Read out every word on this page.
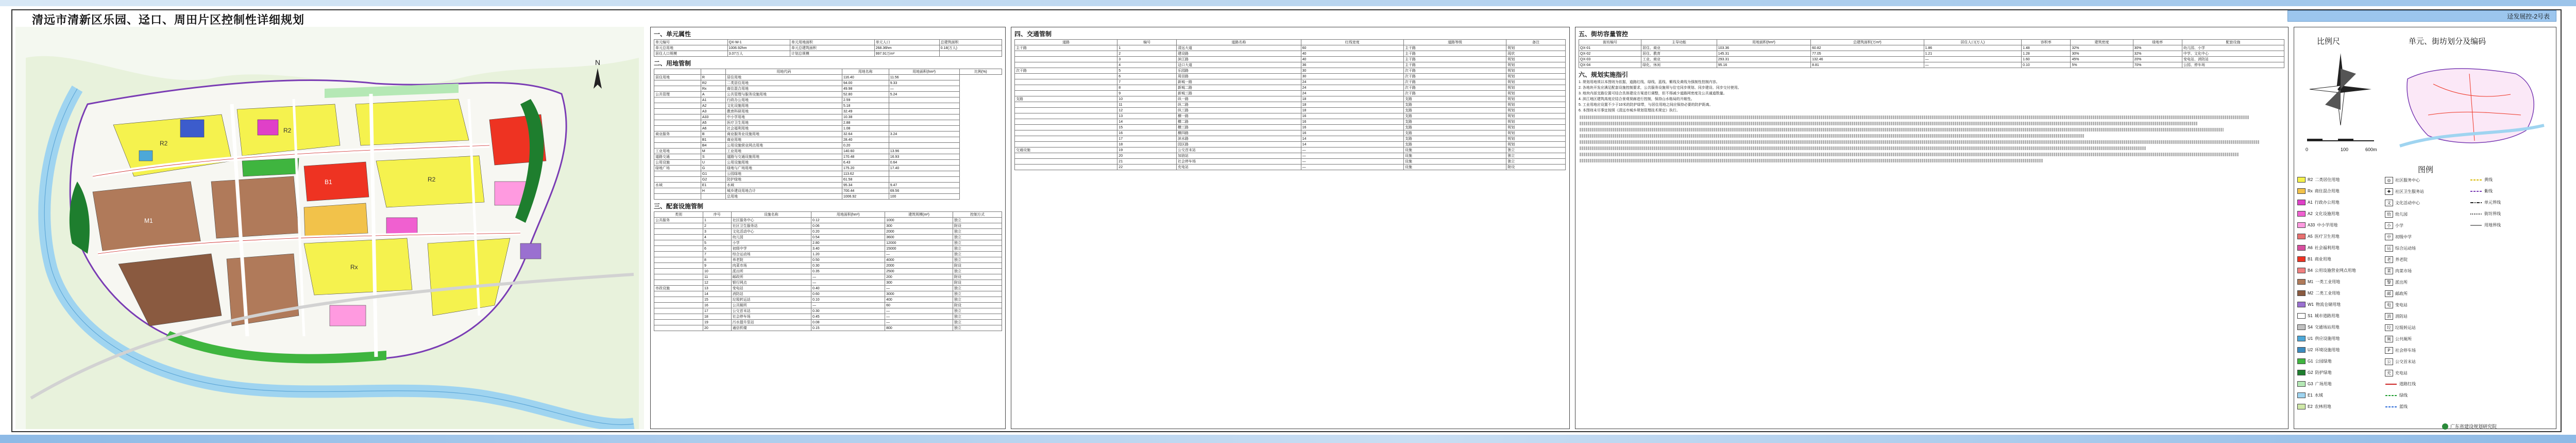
清远市清新区乐园、迳口、周田片区控制性详细规划	迳发展控-2号表
R2
R2
M1
B1	R2
Rx
N
一、单元属性
单元编号	QX-W-1	单元用地面积	单元人口	总建筑面积
单元总用地	1006.92hm	单元总建筑面积	268.36hm	0.18(万人)
居住人口规模	3.07万人	计划总规模	997.91万m²	
二、用地管制
		用地代码	用地名称	用地面积(hm²)	比例(%)
居住用地	R	居住用地	116.40	11.56	
	R2	二类居住用地	94.00	9.33	
	Rx	商住混合用地	49.98	—	
公共管理	A	公共管理与服务设施用地	52.80	5.24	
	A1	行政办公用地	2.59		
	A2	文化设施用地	5.18		
	A3	教育科研用地	32.49		
	A33	中小学用地	10.38		
	A5	医疗卫生用地	2.88		
	A6	社会福利用地	1.08		
商业服务	B	商业服务业设施用地	32.64	3.24	
	B1	商业用地	28.40		
	B4	公用设施营业网点用地	0.20		
工业用地	M	工业用地	140.60	13.96	
道路交通	S	道路与交通设施用地	170.48	16.93	
公用设施	U	公用设施用地	6.43	0.64	
绿地广场	G	绿地与广场用地	175.20	17.40	
	G1	公园绿地	113.62		
	G2	防护绿地	61.58		
水域	E1	水域	95.34	9.47	
	H	城乡建设用地合计	700.44	69.56	
		总用地	1006.92	100	
三、配套设施管制
类别	序号	设施名称	用地面积(hm²)	建筑规模(m²)	控制方式
公共服务	1	社区服务中心	0.12	1000	独立
	2	社区卫生服务站	0.06	300	附设
	3	文化活动中心	0.20	2000	独立
	4	幼儿园	0.54	3600	独立
	5	小学	2.80	12000	独立
	6	初级中学	3.40	15000	独立
	7	综合运动场	1.20	—	独立
	8	养老院	0.50	4000	独立
	9	肉菜市场	0.30	2000	附设
	10	派出所	0.35	2500	独立
	11	邮政所	—	200	附设
	12	银行网点	—	300	附设
市政设施	13	变电站	0.40	—	独立
	14	消防站	0.60	3000	独立
	15	垃圾转运站	0.10	400	独立
	16	公共厕所	—	60	附设
	17	公交首末站	0.30	—	独立
	18	社会停车场	0.45	—	独立
	19	污水提升泵站	0.08	—	独立
	20	通信机楼	0.15	800	独立
四、交通管制
道路	编号	道路名称	红线宽度	道路等级	备注
主干路	1	清远大道	60	主干路	规划
	2	建设路	40	主干路	现状
	3	滨江路	40	主干路	规划
	4	迳口大道	36	主干路	规划
次干路	5	乐园路	30	次干路	规划
	6	周田路	30	次干路	规划
	7	新城一路	24	次干路	规划
	8	新城二路	24	次干路	规划
	9	新城三路	24	次干路	规划
支路	10	纵一路	18	支路	规划
	11	纵二路	18	支路	规划
	12	纵三路	18	支路	规划
	13	横一路	16	支路	规划
	14	横二路	16	支路	规划
	15	横三路	16	支路	规划
	16	横四路	16	支路	规划
	17	滨水路	14	支路	规划
	18	园区路	14	支路	规划
交通设施	19	公交首末站	—	设施	独立
	20	加油站	—	设施	独立
	21	社会停车场	—	设施	独立
	22	充电站	—	设施	附设
五、街坊容量管控
街坊编号	主导功能	用地面积(hm²)	总建筑面积(万m²)	居住人口(万人)	容积率	建筑密度	绿地率	配套设施
QX-01	居住、商业	103.36	60.82	1.86	1.48	32%	30%	幼儿园、小学
QX-02	居住、教育	145.31	77.05	1.21	1.28	30%	32%	中学、文化中心
QX-03	工业、商业	293.31	132.46	—	1.60	45%	20%	变电站、消防站
QX-04	绿化、休闲	95.16	8.81	—	0.10	5%	70%	公园、停车场
六、规划实施指引
1. 规划用地须以本图则为依据，道路红线、绿线、蓝线、紫线及黄线为强制性控制内容。
2. 各地块开发应满足配套设施控制要求，公共服务设施须与住宅同步规划、同步建设、同步交付使用。
3. 地块内部支路位置可结合具体建设方案进行调整，但不得减少道路网密度及公共通道数量。
4. 滨江地区建筑高度应结合景观视廊进行控制，保持山水格局的开敞性。
5. 工业用地应设置不少于10米的防护绿带，与居住用地之间应保持必要的防护距离。
6. 本图则未尽事宜按照《清远市城乡规划管理技术规定》执行。
比例尺
0	100	600m
单元、街坊划分及编码
图例
R2 二类居住用地
Rx 商住混合用地
A1 行政办公用地
A2 文化设施用地
A33 中小学用地
A5 医疗卫生用地
A6 社会福利用地
B1 商业用地
B4 公用设施营业网点用地
M1 一类工业用地
M2 二类工业用地
W1 物流仓储用地
S1 城市道路用地
S4 交通场站用地
U1 供应设施用地
U2 环境设施用地
G1 公园绿地
G2 防护绿地
G3 广场用地
E1 水域
E2 农林用地
◎	社区服务中心
✚	社区卫生服务站
文	文化活动中心
幼	幼儿园
小	小学
中	初级中学
运	综合运动场
老	养老院
菜	肉菜市场
警	派出所
邮	邮政所
电	变电站
消	消防站
垃	垃圾转运站
厕	公共厕所
P	社会停车场
公	公交首末站
充	充电站
道路红线
绿线
蓝线
黄线
紫线
单元界线
街坊界线
用地界线
广东省建设规划研究院
